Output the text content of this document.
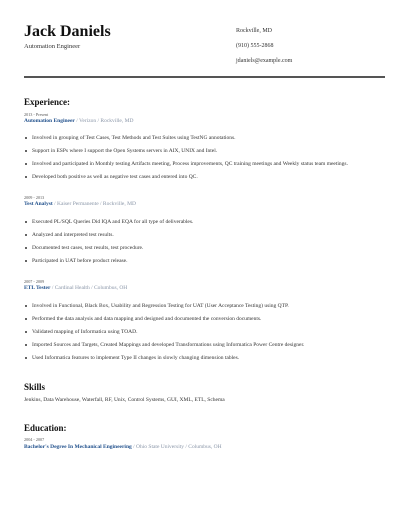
Jack Daniels
Automation Engineer
Rockville, MD
(910) 555-2868
jdaniels@example.com
Experience:
2013 - Present
Automation Engineer / Verizon / Rockville, MD
Involved in grouping of Test Cases, Test Methods and Test Suites using TestNG annotations.
Support in ESPs where I support the Open Systems servers in AIX, UNIX and Intel.
Involved and participated in Monthly testing Artifacts meeting, Process improvements, QC training meetings and Weekly status team meetings.
Developed both positive as well as negative test cases and entered into QC.
2009 - 2013
Test Analyst / Kaiser Permanente / Rockville, MD
Executed PL/SQL Queries Did IQA and EQA for all type of deliverables.
Analyzed and interpreted test results.
Documented test cases, test results, test procedure.
Participated in UAT before product release.
2007 - 2009
ETL Tester / Cardinal Health / Columbus, OH
Involved in Functional, Black Box, Usability and Regression Testing for UAT (User Acceptance Testing) using QTP.
Performed the data analysis and data mapping and designed and documented the conversion documents.
Validated mapping of Informatica using TOAD.
Imported Sources and Targets, Created Mappings and developed Transformations using Informatica Power Centre designer.
Used Informatica features to implement Type II changes in slowly changing dimension tables.
Skills
Jenkins, Data Warehouse, Waterfall, RF, Unix, Control Systems, GUI, XML, ETL, Schema
Education:
2004 - 2007
Bachelor's Degree In Mechanical Engineering / Ohio State University / Columbus, OH
